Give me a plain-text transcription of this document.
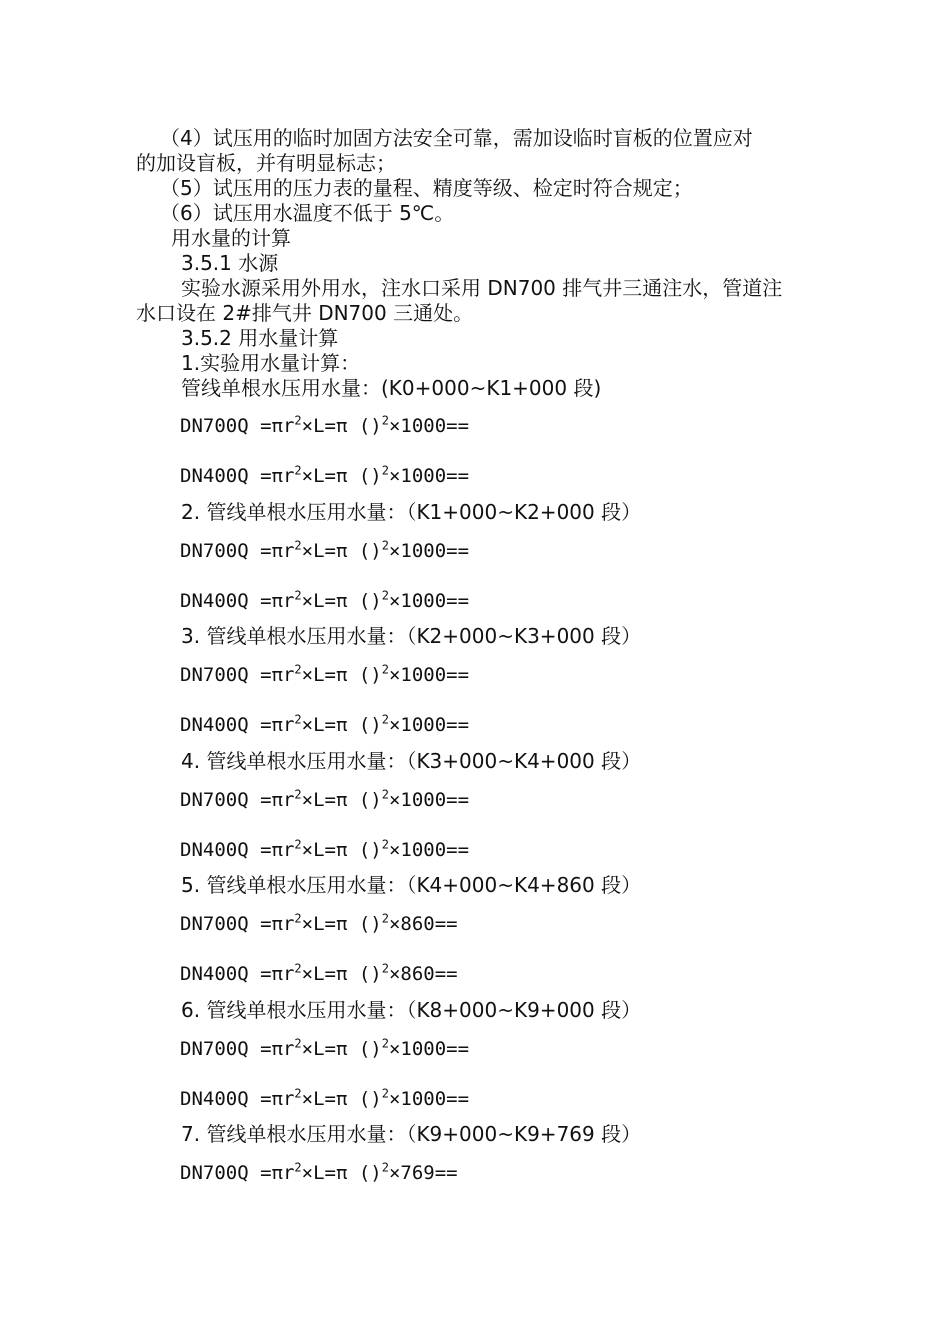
（4）试压用的临时加固方法安全可靠，需加设临时盲板的位置应对

的加设盲板，并有明显标志；

（5）试压用的压力表的量程、精度等级、检定时符合规定；

（6）试压用水温度不低于 5℃。

用水量的计算

3.5.1 水源

实验水源采用外用水，注水口采用 DN700 排气井三通注水，管道注

水口设在 2#排气井 DN700 三通处。

3.5.2 用水量计算

1.实验用水量计算：

管线单根水压用水量：(K0+000~K1+000 段)

$DN700Q =\pi r^2\times L=\pi$ ()$^2$×1000==

$DN400Q =\pi r^2\times L=\pi$ ()$^2$×1000==

2. 管线单根水压用水量：（K1+000~K2+000 段）

$DN700Q =\pi r^2\times L=\pi$ ()$^2$×1000==

$DN400Q =\pi r^2\times L=\pi$ ()$^2$×1000==

3. 管线单根水压用水量：（K2+000~K3+000 段）

$DN700Q =\pi r^2\times L=\pi$ ()$^2$×1000==

$DN400Q =\pi r^2\times L=\pi$ ()$^2$×1000==

4. 管线单根水压用水量：（K3+000~K4+000 段）

$DN700Q =\pi r^2\times L=\pi$ ()$^2$×1000==

$DN400Q =\pi r^2\times L=\pi$ ()$^2$×1000==

5. 管线单根水压用水量：（K4+000~K4+860 段）

$DN700Q =\pi r^2\times L=\pi$ ()$^2$×860==

$DN400Q =\pi r^2\times L=\pi$ ()$^2$×860==

6. 管线单根水压用水量：（K8+000~K9+000 段）

$DN700Q =\pi r^2\times L=\pi$ ()$^2$×1000==

$DN400Q =\pi r^2\times L=\pi$ ()$^2$×1000==

7. 管线单根水压用水量：（K9+000~K9+769 段）

$DN700Q =\pi r^2\times L=\pi$ ()$^2$×769==
